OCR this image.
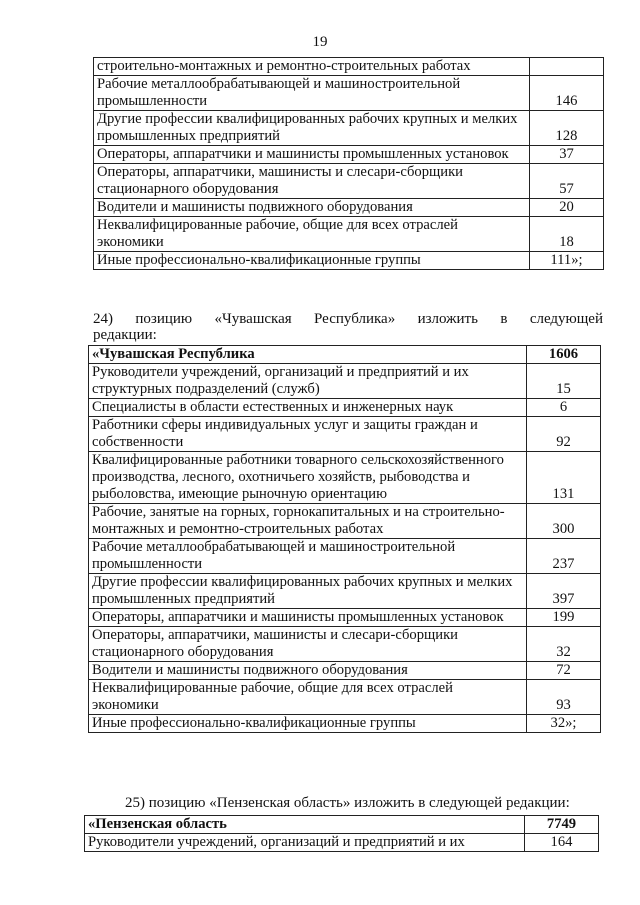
19
строительно-монтажных и ремонтно-строительных работах	
Рабочие металлообрабатывающей и машиностроительной промышленности	146
Другие профессии квалифицированных рабочих крупных и мелких промышленных предприятий	128
Операторы, аппаратчики и машинисты промышленных установок	37
Операторы, аппаратчики, машинисты и слесари-сборщики стационарного оборудования	57
Водители и машинисты подвижного оборудования	20
Неквалифицированные рабочие, общие для всех отраслей экономики	18
Иные профессионально-квалификационные группы	111»;
24) позицию «Чувашская Республика» изложить в следующей
редакции:
«Чувашская Республика	1606
Руководители учреждений, организаций и предприятий и их структурных подразделений (служб)	15
Специалисты в области естественных и инженерных наук	6
Работники сферы индивидуальных услуг и защиты граждан и собственности	92
Квалифицированные работники товарного сельскохозяйственного производства, лесного, охотничьего хозяйств, рыбоводства и рыболовства, имеющие рыночную ориентацию	131
Рабочие, занятые на горных, горнокапитальных и на строительно-монтажных и ремонтно-строительных работах	300
Рабочие металлообрабатывающей и машиностроительной промышленности	237
Другие профессии квалифицированных рабочих крупных и мелких промышленных предприятий	397
Операторы, аппаратчики и машинисты промышленных установок	199
Операторы, аппаратчики, машинисты и слесари-сборщики стационарного оборудования	32
Водители и машинисты подвижного оборудования	72
Неквалифицированные рабочие, общие для всех отраслей экономики	93
Иные профессионально-квалификационные группы	32»;
25) позицию «Пензенская область» изложить в следующей редакции:
«Пензенская область	7749
Руководители учреждений, организаций и предприятий и их	164
